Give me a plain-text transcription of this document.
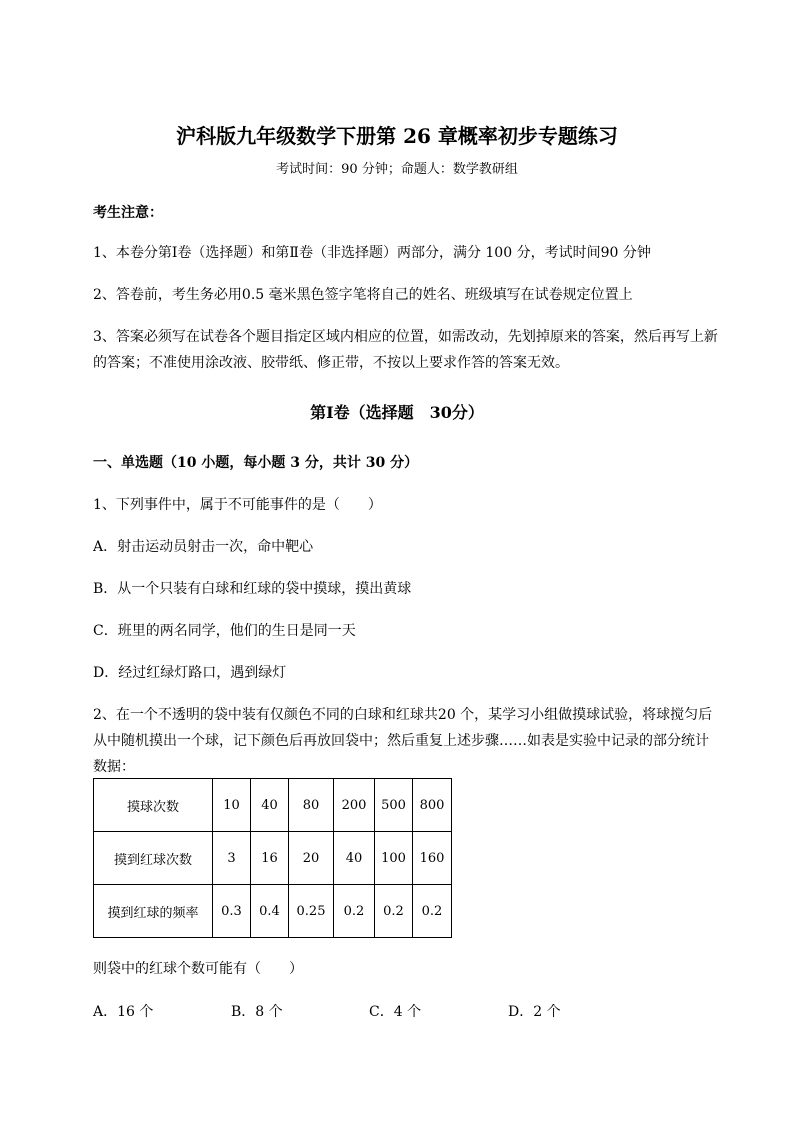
沪科版九年级数学下册第 26 章概率初步专题练习
考试时间：90 分钟；命题人：数学教研组
考生注意：
1、本卷分第Ⅰ卷（选择题）和第Ⅱ卷（非选择题）两部分，满分 100 分，考试时间90 分钟
2、答卷前，考生务必用0.5 毫米黑色签字笔将自己的姓名、班级填写在试卷规定位置上
3、答案必须写在试卷各个题目指定区域内相应的位置，如需改动，先划掉原来的答案，然后再写上新
的答案；不准使用涂改液、胶带纸、修正带，不按以上要求作答的答案无效。
第Ⅰ卷（选择题　30分）
一、单选题（10 小题，每小题 3 分，共计 30 分）
1、下列事件中，属于不可能事件的是（　　）
A．射击运动员射击一次，命中靶心
B．从一个只装有白球和红球的袋中摸球，摸出黄球
C．班里的两名同学，他们的生日是同一天
D．经过红绿灯路口，遇到绿灯
2、在一个不透明的袋中装有仅颜色不同的白球和红球共20 个，某学习小组做摸球试验，将球搅匀后
从中随机摸出一个球，记下颜色后再放回袋中；然后重复上述步骤……如表是实验中记录的部分统计
数据：
摸球次数	10	40	80	200	500	800
摸到红球次数	3	16	20	40	100	160
摸到红球的频率	0.3	0.4	0.25	0.2	0.2	0.2
则袋中的红球个数可能有（　　）
A．16 个	B．8 个	C．4 个	D．2 个
